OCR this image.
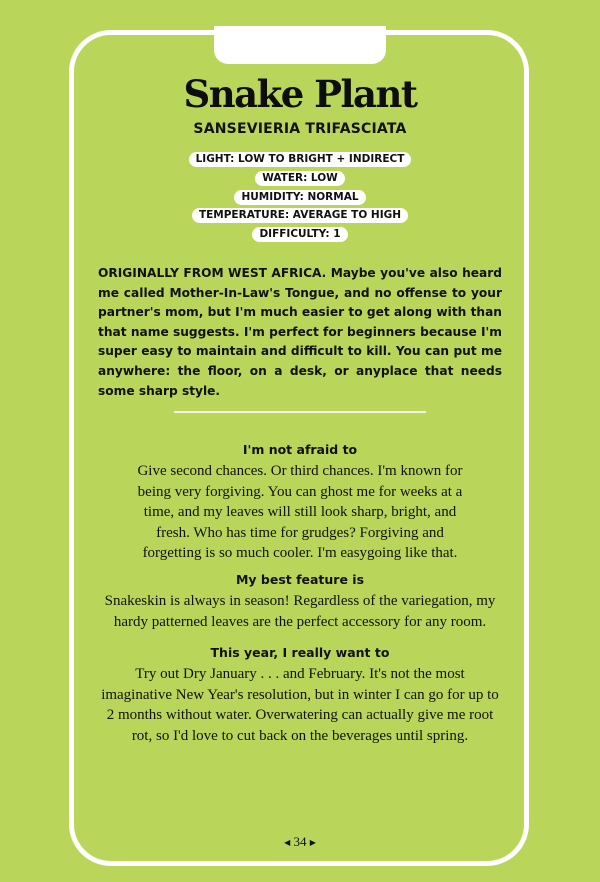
Snake Plant
SANSEVIERIA TRIFASCIATA
LIGHT: LOW TO BRIGHT + INDIRECT
WATER: LOW
HUMIDITY: NORMAL
TEMPERATURE: AVERAGE TO HIGH
DIFFICULTY: 1

ORIGINALLY FROM WEST AFRICA. Maybe you've also heard me called Mother-In-Law's Tongue, and no offense to your partner's mom, but I'm much easier to get along with than that name suggests. I'm perfect for beginners because I'm super easy to maintain and difficult to kill. You can put me anywhere: the floor, on a desk, or anyplace that needs some sharp style.

I'm not afraid to

Give second chances. Or third chances. I'm known for being very forgiving. You can ghost me for weeks at a time, and my leaves will still look sharp, bright, and fresh. Who has time for grudges? Forgiving and forgetting is so much cooler. I'm easygoing like that.

My best feature is

Snakeskin is always in season! Regardless of the variegation, my hardy patterned leaves are the perfect accessory for any room.

This year, I really want to

Try out Dry January . . . and February. It's not the most imaginative New Year's resolution, but in winter I can go for up to 2 months without water. Overwatering can actually give me root rot, so I'd love to cut back on the beverages until spring.

◀ 34 ▶
